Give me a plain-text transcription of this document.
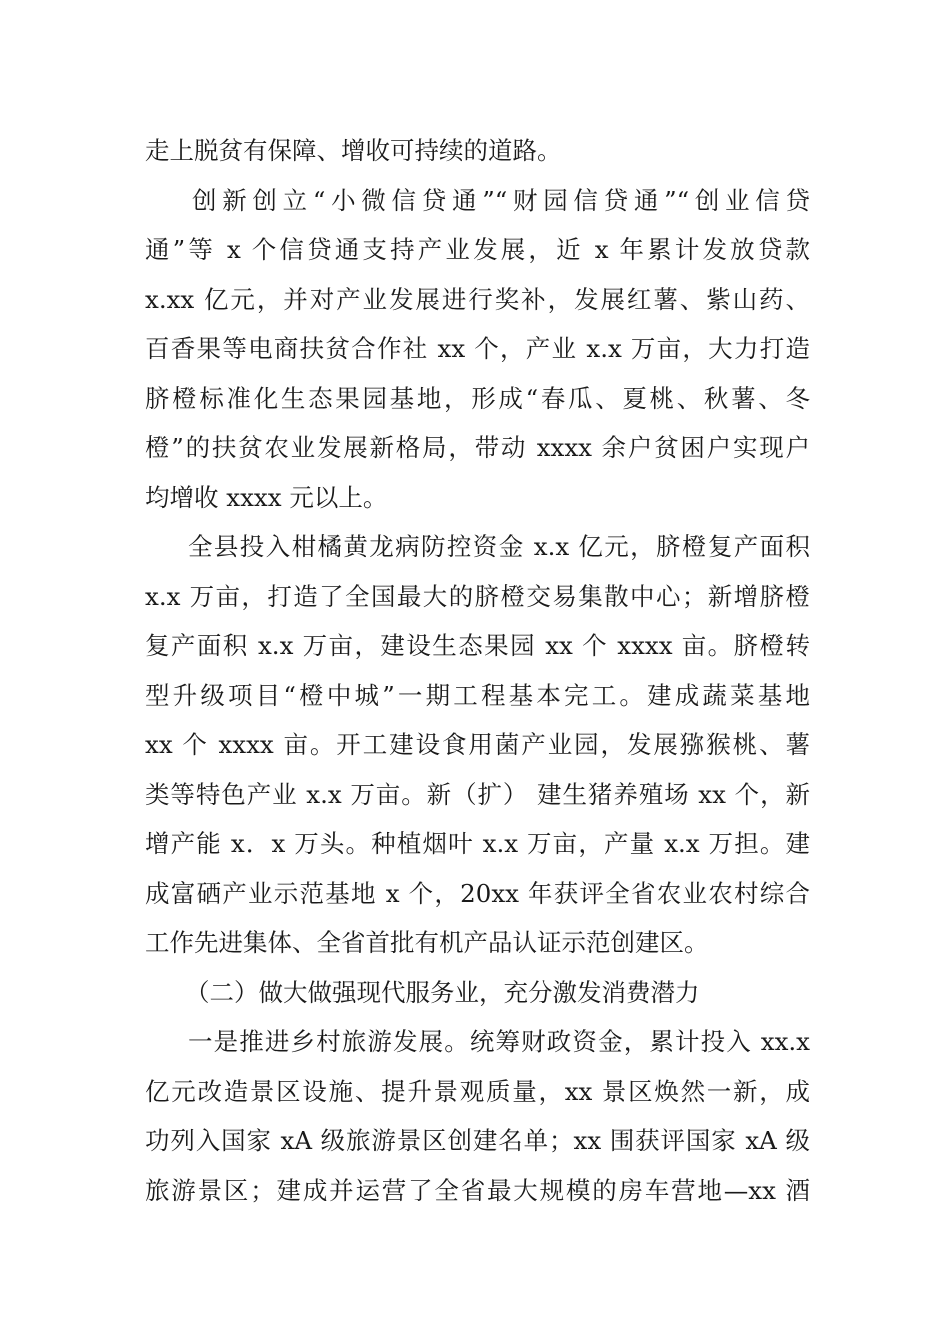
走上脱贫有保障、增收可持续的道路。
创新创立“小微信贷通”“财园信贷通”“创业信贷
通”等 x 个信贷通支持产业发展，近 x 年累计发放贷款
x.xx 亿元，并对产业发展进行奖补，发展红薯、紫山药、
百香果等电商扶贫合作社 xx 个，产业 x.x 万亩，大力打造
脐橙标准化生态果园基地，形成“春瓜、夏桃、秋薯、冬
橙”的扶贫农业发展新格局，带动 xxxx 余户贫困户实现户
均增收 xxxx 元以上。
全县投入柑橘黄龙病防控资金 x.x 亿元，脐橙复产面积
x.x 万亩，打造了全国最大的脐橙交易集散中心；新增脐橙
复产面积 x.x 万亩，建设生态果园 xx 个 xxxx 亩。脐橙转
型升级项目“橙中城”一期工程基本完工。建成蔬菜基地
xx 个 xxxx 亩。开工建设食用菌产业园，发展猕猴桃、薯
类等特色产业 x.x 万亩。新（扩） 建生猪养殖场 xx 个，新
增产能 x．x 万头。种植烟叶 x.x 万亩，产量 x.x 万担。建
成富硒产业示范基地 x 个，20xx 年获评全省农业农村综合
工作先进集体、全省首批有机产品认证示范创建区。
（二）做大做强现代服务业，充分激发消费潜力
一是推进乡村旅游发展。统筹财政资金，累计投入 xx.x
亿元改造景区设施、提升景观质量，xx 景区焕然一新，成
功列入国家 xA 级旅游景区创建名单；xx 围获评国家 xA 级
旅游景区；建成并运营了全省最大规模的房车营地—xx 酒
